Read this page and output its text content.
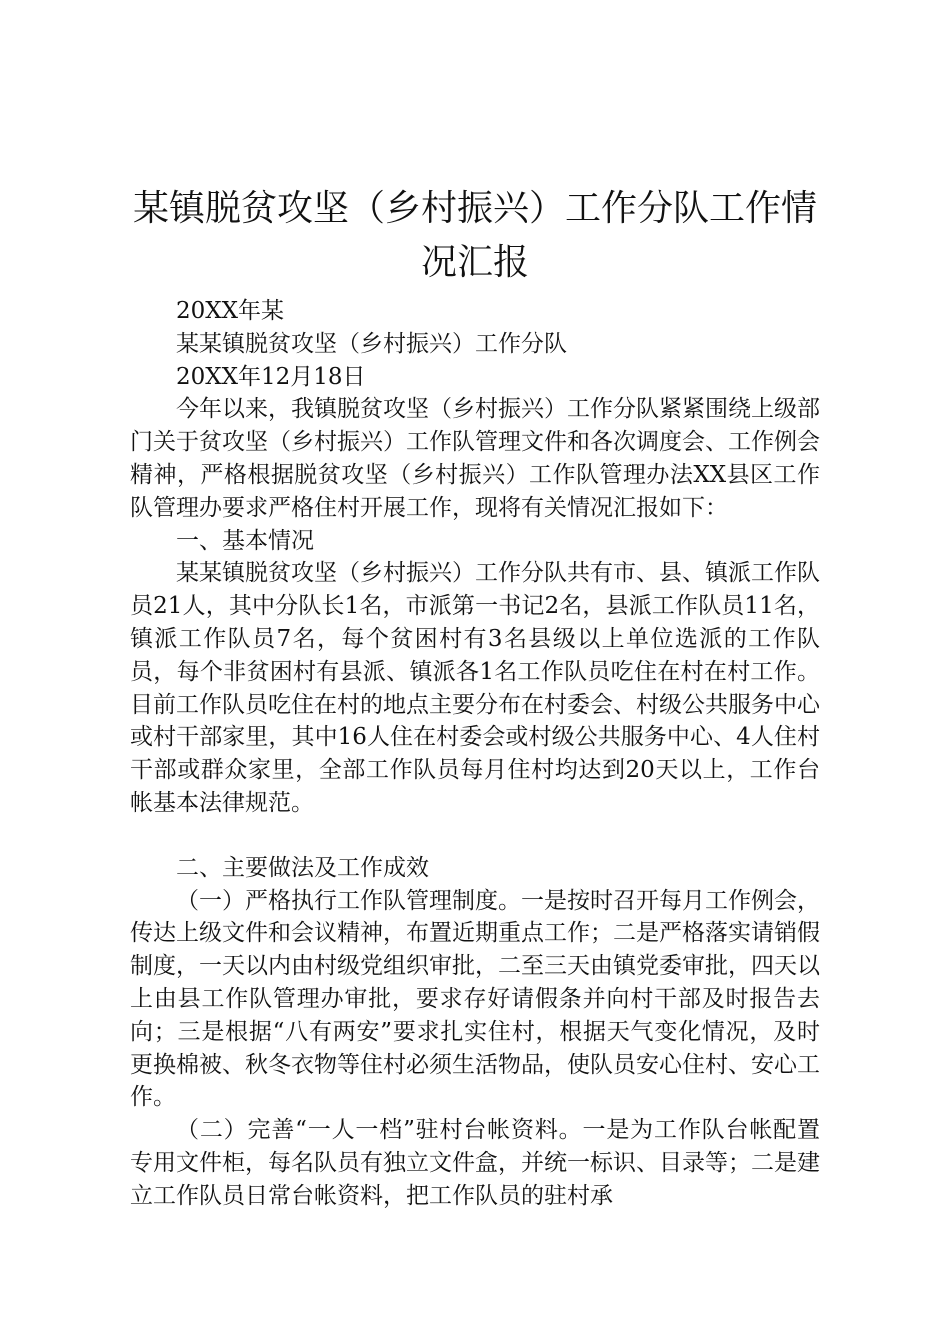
某镇脱贫攻坚（乡村振兴）工作分队工作情况汇报

20XX年某

某某镇脱贫攻坚（乡村振兴）工作分队

20XX年12月18日

今年以来，我镇脱贫攻坚（乡村振兴）工作分队紧紧围绕上级部门关于贫攻坚（乡村振兴）工作队管理文件和各次调度会、工作例会精神，严格根据脱贫攻坚（乡村振兴）工作队管理办法XX县区工作队管理办要求严格住村开展工作，现将有关情况汇报如下：

一、基本情况

某某镇脱贫攻坚（乡村振兴）工作分队共有市、县、镇派工作队员21人，其中分队长1名，市派第一书记2名，县派工作队员11名，镇派工作队员7名，每个贫困村有3名县级以上单位选派的工作队员，每个非贫困村有县派、镇派各1名工作队员吃住在村在村工作。目前工作队员吃住在村的地点主要分布在村委会、村级公共服务中心或村干部家里，其中16人住在村委会或村级公共服务中心、4人住村干部或群众家里，全部工作队员每月住村均达到20天以上，工作台帐基本法律规范。

二、主要做法及工作成效

（一）严格执行工作队管理制度。一是按时召开每月工作例会，传达上级文件和会议精神，布置近期重点工作；二是严格落实请销假制度，一天以内由村级党组织审批，二至三天由镇党委审批，四天以上由县工作队管理办审批，要求存好请假条并向村干部及时报告去向；三是根据“八有两安”要求扎实住村，根据天气变化情况，及时更换棉被、秋冬衣物等住村必须生活物品，使队员安心住村、安心工作。

（二）完善“一人一档”驻村台帐资料。一是为工作队台帐配置专用文件柜，每名队员有独立文件盒，并统一标识、目录等；二是建立工作队员日常台帐资料，把工作队员的驻村承
